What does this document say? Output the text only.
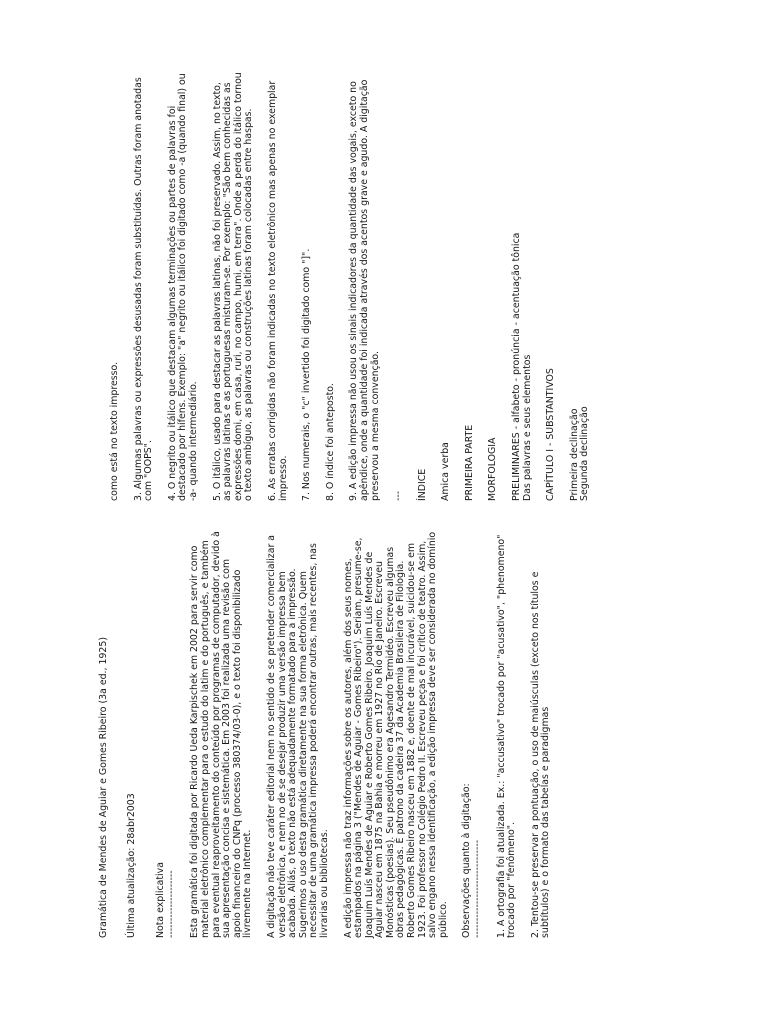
Gramática de Mendes de Aguiar e Gomes Ribeiro (3a ed., 1925) Última atualização: 28abr2003 Nota explicativa -------------------- Esta gramática foi digitada por Ricardo Ueda Karpischek em 2002 para servir como material eletrônico complementar para o estudo do latim e do português, e também para eventual reaproveitamento do conteúdo por programas de computador, devido à sua apresentação concisa e sistemática. Em 2003 foi realizada uma revisão com apoio financeiro do CNPq (processo 380374/03-0), e o texto foi disponibilizado livremente na Internet. A digitação não teve caráter editorial nem no sentido de se pretender comercializar a versão eletrônica, e nem no de se desejar produzir uma versão impressa bem acabada. Aliás, o texto não está adequadamente formatado para a impressão. Sugerimos o uso desta gramática diretamente na sua forma eletrônica. Quem necessitar de uma gramática impressa poderá encontrar outras, mais recentes, nas livrarias ou bibliotecas. A edição impressa não traz informações sobre os autores, além dos seus nomes, estampados na página 3 ("Mendes de Aguiar - Gomes Ribeiro"). Seriam, presume-se, Joaquim Luís Mendes de Aguiar e Roberto Gomes Ribeiro. Joaquim Luís Mendes de Aguiar nasceu em 1875 na Bahia e morreu em 1927 no Rio de Janeiro. Escreveu Monósticas (poesias). Seu pseudônimo era Agesandro Termidéo. Escreveu algumas obras pedagógicas. É patrono da cadeira 37 da Academia Brasileira de Filologia. Roberto Gomes Ribeiro nasceu em 1882 e, doente de mal incurável, suicidou-se em 1923. Foi professor no Colégio Pedro II. Escreveu peças e foi crítico de teatro. Assim, salvo engano nessa identificação, a edição impressa deve ser considerada no domínio público. Observações quanto à digitação: ----------------------------- 1. A ortografia foi atualizada. Ex.: "accusativo" trocado por "acusativo", "phenomeno" trocado por "fenômeno". 2. Tentou-se preservar a pontuação, o uso de maiúsculas (exceto nos títulos e subtítulos) e o formato das tabelas e paradigmas

como está no texto impresso. 3. Algumas palavras ou expressões desusadas foram substituídas. Outras foram anotadas com "OOPS". 4. O negrito ou itálico que destacam algumas terminações ou partes de palavras foi destacado por hífens. Exemplo: "a" negrito ou itálico foi digitado como -a (quando final) ou -a- quando intermediário. 5. O itálico, usado para destacar as palavras latinas, não foi preservado. Assim, no texto, as palavras latinas e as portuguesas misturam-se. Por exemplo: "São bem conhecidas as expressões domi, em casa, ruri, no campo, humi, em terra". Onde a perda do itálico tornou o texto ambíguo, as palavras ou construções latinas foram colocadas entre haspas. 6. As erratas corrigidas não foram indicadas no texto eletrônico mas apenas no exemplar impresso. 7. Nos numerais, o "c" invertido foi digitado como "]". 8. O índice foi anteposto. 9. A edição impressa não usou os sinais indicadores da quantidade das vogais, exceto no apêndice, onde a quantidade foi indicada através dos acentos grave e agudo. A digitação preservou a mesma convenção. --- ÍNDICE Amica verba PRIMEIRA PARTE MORFOLOGIA PRELIMINARES - alfabeto - pronúncia - acentuação tônica Das palavras e seus elementos CAPÍTULO I - SUBSTANTIVOS Primeira declinação Segunda declinação
